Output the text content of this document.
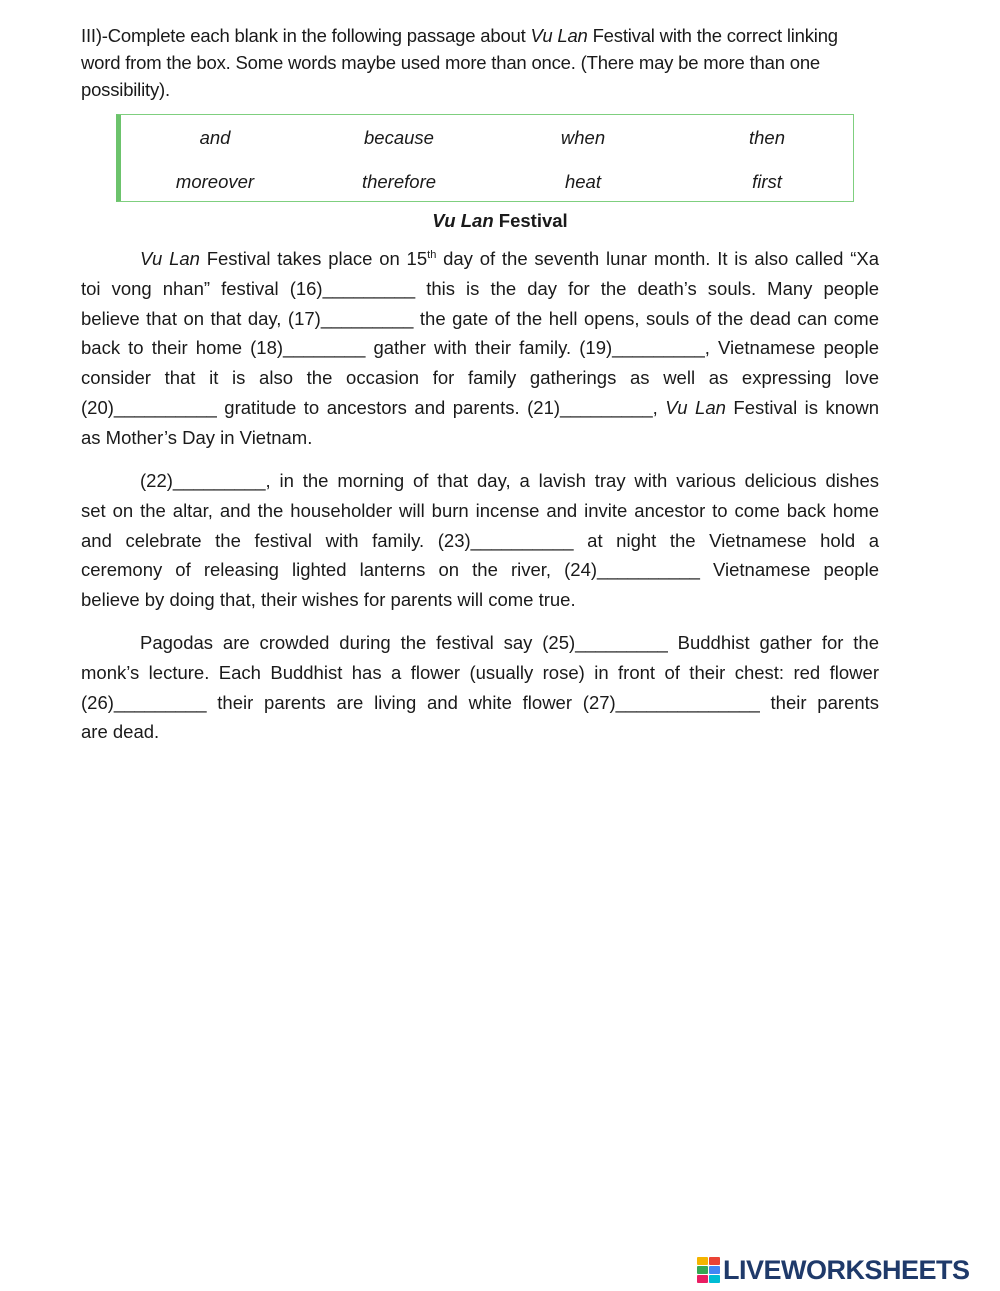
III)-Complete each blank in the following passage about Vu Lan Festival with the correct linking
word from the box. Some words maybe used more than once. (There may be more than one
possibility).
and	because	when	then
moreover	therefore	heat	first
Vu Lan Festival
Vu Lan Festival takes place on 15th day of the seventh lunar month. It is also called “Xa
toi vong nhan” festival (16)_________ this is the day for the death’s souls. Many people
believe that on that day, (17)_________ the gate of the hell opens, souls of the dead can come
back to their home (18)________ gather with their family. (19)_________, Vietnamese people
consider that it is also the occasion for family gatherings as well as expressing love
(20)__________ gratitude to ancestors and parents. (21)_________, Vu Lan Festival is known
as Mother’s Day in Vietnam.
(22)_________, in the morning of that day, a lavish tray with various delicious dishes
set on the altar, and the householder will burn incense and invite ancestor to come back home
and celebrate the festival with family. (23)__________ at night the Vietnamese hold a
ceremony of releasing lighted lanterns on the river, (24)__________ Vietnamese people
believe by doing that, their wishes for parents will come true.
Pagodas are crowded during the festival say (25)_________ Buddhist gather for the
monk’s lecture. Each Buddhist has a flower (usually rose) in front of their chest: red flower
(26)_________ their parents are living and white flower (27)______________ their parents
are dead.
LIVEWORKSHEETS
